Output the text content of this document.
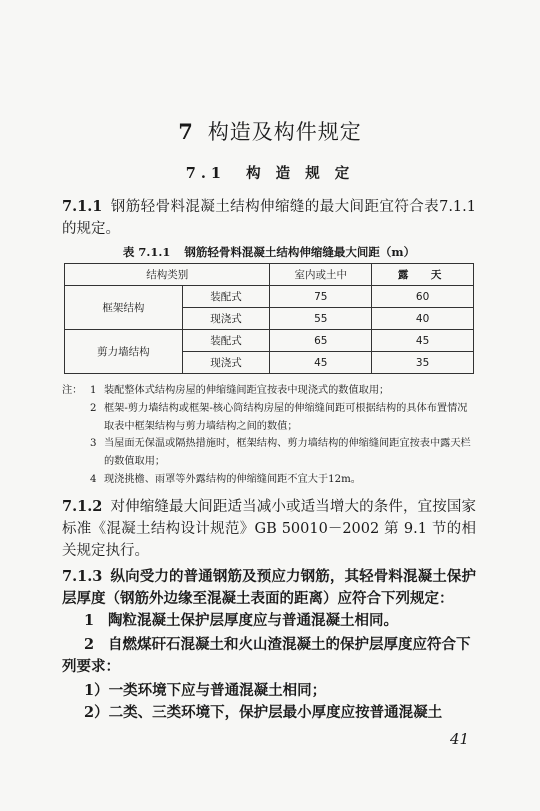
7 构造及构件规定
7.1 构 造 规 定
7.1.1 钢筋轻骨料混凝土结构伸缩缝的最大间距宜符合表7.1.1的规定。
表 7.1.1 钢筋轻骨料混凝土结构伸缩缝最大间距（m）
结构类别		室内或土中	露　天
框架结构	装配式	75	60
	现浇式	55	40
剪力墙结构	装配式	65	45
	现浇式	45	35
注： 1 装配整体式结构房屋的伸缩缝间距宜按表中现浇式的数值取用；
2 框架-剪力墙结构或框架-核心筒结构房屋的伸缩缝间距可根据结构的具体布置情况取表中框架结构与剪力墙结构之间的数值；
3 当屋面无保温或隔热措施时，框架结构、剪力墙结构的伸缩缝间距宜按表中露天栏的数值取用；
4 现浇挑檐、雨罩等外露结构的伸缩缝间距不宜大于12m。
7.1.2 对伸缩缝最大间距适当减小或适当增大的条件，宜按国家标准《混凝土结构设计规范》GB 50010－2002 第 9.1 节的相关规定执行。
7.1.3 纵向受力的普通钢筋及预应力钢筋，其轻骨料混凝土保护层厚度（钢筋外边缘至混凝土表面的距离）应符合下列规定：
1 陶粒混凝土保护层厚度应与普通混凝土相同。
2 自燃煤矸石混凝土和火山渣混凝土的保护层厚度应符合下列要求：
1）一类环境下应与普通混凝土相同；
2）二类、三类环境下，保护层最小厚度应按普通混凝土
41
